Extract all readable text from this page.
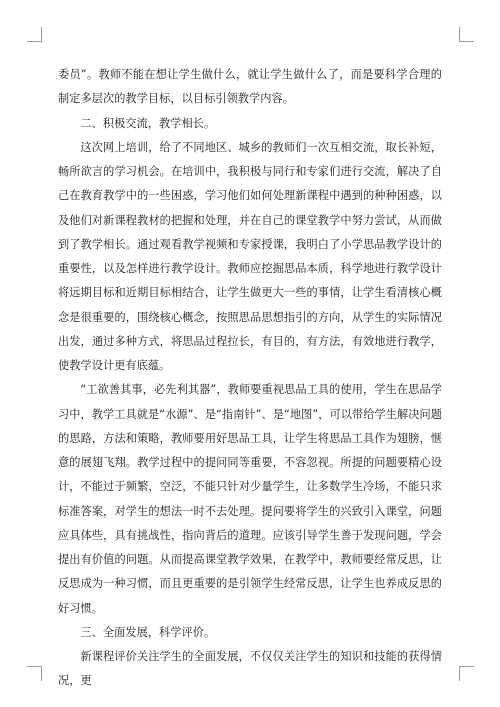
委员”。教师不能在想让学生做什么，就让学生做什么了，而是要科学合理的制定多层次的教学目标，以目标引领教学内容。

二、积极交流，教学相长。

这次网上培训，给了不同地区、城乡的教师们一次互相交流，取长补短，畅所欲言的学习机会。在培训中，我积极与同行和专家们进行交流，解决了自己在教育教学中的一些困惑，学习他们如何处理新课程中遇到的种种困惑，以及他们对新课程教材的把握和处理，并在自己的课堂教学中努力尝试，从而做到了教学相长。通过观看教学视频和专家授课，我明白了小学思品教学设计的重要性，以及怎样进行教学设计。教师应挖掘思品本质，科学地进行教学设计将远期目标和近期目标相结合，让学生做更大一些的事情，让学生看清核心概念是很重要的，围绕核心概念，按照思品思想指引的方向，从学生的实际情况出发，通过多种方式，将思品过程拉长，有目的，有方法，有效地进行教学，使教学设计更有底蕴。

“工欲善其事，必先利其器”，教师要重视思品工具的使用，学生在思品学习中，教学工具就是“水源”、是“指南针”、是“地图”，可以带给学生解决问题的思路，方法和策略，教师要用好思品工具，让学生将思品工具作为翅膀，惬意的展翅飞翔。教学过程中的提问同等重要，不容忽视。所提的问题要精心设计，不能过于频繁，空泛，不能只针对少量学生，让多数学生冷场，不能只求标准答案，对学生的想法一时不去处理。提问要将学生的兴致引入课堂，问题应具体些，具有挑战性，指向背后的道理。应该引导学生善于发现问题，学会提出有价值的问题。从而提高课堂教学效果，在教学中，教师要经常反思，让反思成为一种习惯，而且更重要的是引领学生经常反思，让学生也养成反思的好习惯。

三、全面发展，科学评价。

新课程评价关注学生的全面发展，不仅仅关注学生的知识和技能的获得情况，更
